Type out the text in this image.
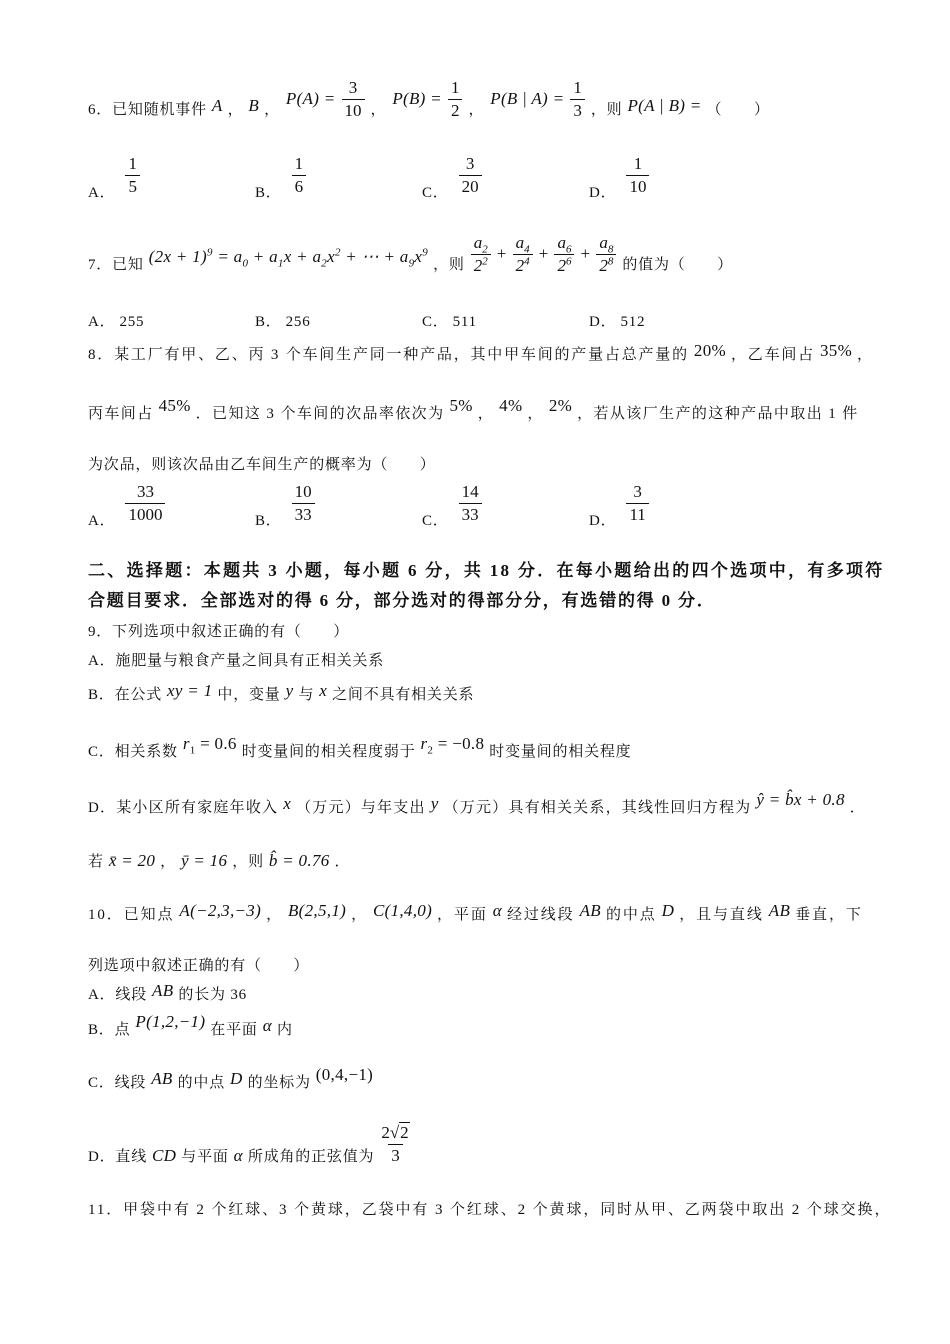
6．已知随机事件 A ， B ，
$P(A) = \frac{3}{10}$ ，
$P(B) = \frac{1}{2}$ ，
P(B | $A) = \frac{1}{3}$ ，则 P(A | B) = （　　）
A． $\frac{1}{5}$	B． $\frac{1}{6}$	C． $\frac{3}{20}$	D． $\frac{1}{10}$
7．已知 $(2x + 1)^9 = a_0 + a_1x + a_2x^2$ + ⋯ + $a_9x^9$
，则 $\frac{a_2}{2^2} + \frac{a_4}{2^4} + \frac{a_6}{2^6} + \frac{a_8}{2^8}$ 的值为（　　）
A． 255	B． 256	C． 511	D． 512
8．某工厂有甲、乙、丙 3 个车间生产同一种产品，其中甲车间的产量占总产量的 20% ，乙车间占 35% ，
丙车间占 45% ．已知这 3 个车间的次品率依次为 5% ， 4% ， 2% ，若从该厂生产的这种产品中取出 1 件
为次品，则该次品由乙车间生产的概率为（　　）
A． $\frac{33}{1000}$	B． $\frac{10}{33}$	C． $\frac{14}{33}$	D． $\frac{3}{11}$
二、选择题：本题共 3 小题，每小题 6 分，共 18 分．在每小题给出的四个选项中，有多项符
合题目要求．全部选对的得 6 分，部分选对的得部分分，有选错的得 0 分．
9．下列选项中叙述正确的有（　　）
A．施肥量与粮食产量之间具有正相关关系
B．在公式 xy = 1 中，变量 y 与 x 之间不具有相关关系
C．相关系数 $r_1 = 0.6$ 时变量间的相关程度弱于 $r_2 = -0.8$ 时变量间的相关程度
D．某小区所有家庭年收入 x （万元）与年支出 y （万元）具有相关关系，其线性回归方程为 ŷ = b̂x + 0.8 ．
若 x̄ = 20 ， ȳ = 16 ，则 b̂ = 0.76 ．
10．已知点 A(−2,3,−3) ， B(2,5,1) ， C(1,4,0) ，平面 α 经过线段 AB 的中点 D ，且与直线 AB 垂直，下
列选项中叙述正确的有（　　）
A．线段 AB 的长为 36
B．点 P(1,2,−1) 在平面 α 内
C．线段 AB 的中点 D 的坐标为 (0,4,−1)
D．直线 CD 与平面 α 所成角的正弦值为 $\frac{2√2}{3}$
11．甲袋中有 2 个红球、3 个黄球，乙袋中有 3 个红球、2 个黄球，同时从甲、乙两袋中取出 2 个球交换，
